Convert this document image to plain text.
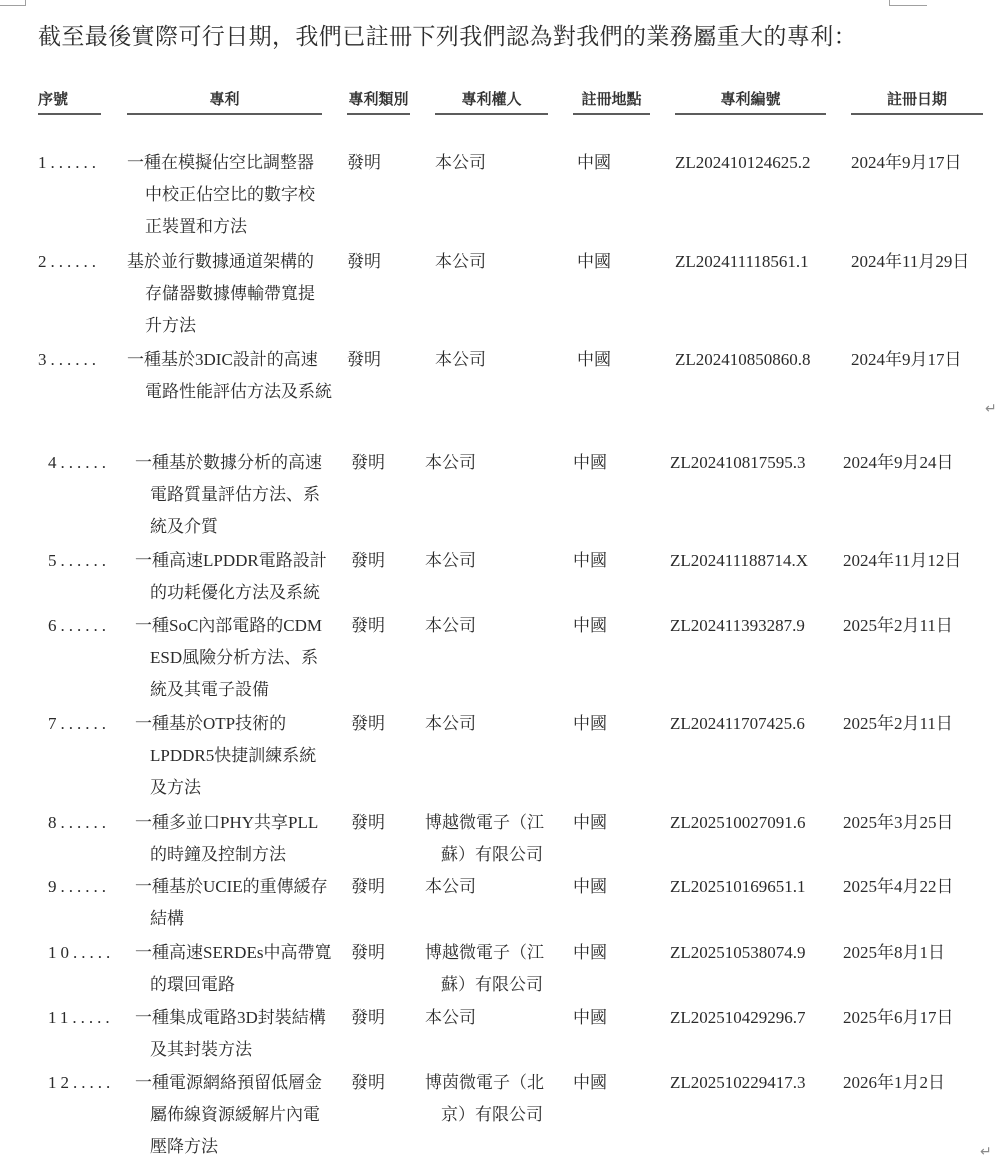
截至最後實際可行日期，我們已註冊下列我們認為對我們的業務屬重大的專利：
序號	專利	專利類別	專利權人	註冊地點	專利編號	註冊日期
1...... 一種在模擬佔空比調整器
中校正佔空比的數字校
正裝置和方法
發明	本公司	中國	ZL202410124625.2 2024年9月17日
2...... 基於並行數據通道架構的
存儲器數據傳輸帶寬提
升方法
發明	本公司	中國	ZL202411118561.1 2024年11月29日
3...... 一種基於3DIC設計的高速
電路性能評估方法及系統
發明	本公司	中國	ZL202410850860.8 2024年9月17日
↵
4...... 一種基於數據分析的高速
電路質量評估方法、系
統及介質
發明 本公司	中國	ZL202410817595.3 2024年9月24日
5...... 一種高速LPDDR電路設計
的功耗優化方法及系統
發明 本公司	中國	ZL202411188714.X 2024年11月12日
6...... 一種SoC內部電路的CDM
ESD風險分析方法、系
統及其電子設備
發明 本公司	中國	ZL202411393287.9 2025年2月11日
7...... 一種基於OTP技術的
LPDDR5快捷訓練系統
及方法
發明 本公司	中國	ZL202411707425.6 2025年2月11日
8...... 一種多並口PHY共享PLL
的時鐘及控制方法
發明 博越微電子（江
蘇）有限公司
中國	ZL202510027091.6 2025年3月25日
9...... 一種基於UCIE的重傳緩存
結構
發明 本公司	中國	ZL202510169651.1 2025年4月22日
10..... 一種高速SERDEs中高帶寬
的環回電路
發明 博越微電子（江
蘇）有限公司
中國	ZL202510538074.9 2025年8月1日
11..... 一種集成電路3D封裝結構
及其封裝方法
發明 本公司	中國	ZL202510429296.7 2025年6月17日
12..... 一種電源網絡預留低層金
屬佈線資源緩解片內電
壓降方法
發明 博茵微電子（北
京）有限公司
中國	ZL202510229417.3 2026年1月2日
↵
